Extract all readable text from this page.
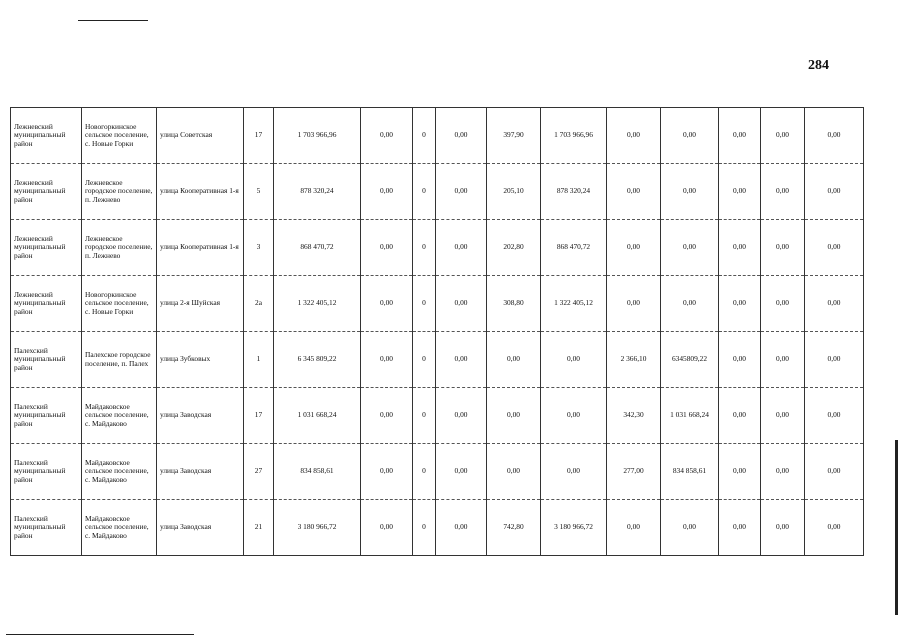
284
Лежневский муниципальный район	Новогоркинское сельское поселение, с. Новые Горки	улица Советская	17	1 703 966,96	0,00	0	0,00	397,90	1 703 966,96	0,00	0,00	0,00	0,00	0,00
Лежневский муниципальный район	Лежневское городское поселение, п. Лежнево	улица Кооперативная 1-я	5	878 320,24	0,00	0	0,00	205,10	878 320,24	0,00	0,00	0,00	0,00	0,00
Лежневский муниципальный район	Лежневское городское поселение, п. Лежнево	улица Кооперативная 1-я	3	868 470,72	0,00	0	0,00	202,80	868 470,72	0,00	0,00	0,00	0,00	0,00
Лежневский муниципальный район	Новогоркинское сельское поселение, с. Новые Горки	улица 2-я Шуйская	2а	1 322 405,12	0,00	0	0,00	308,80	1 322 405,12	0,00	0,00	0,00	0,00	0,00
Палехский муниципальный район	Палехское городское поселение, п. Палех	улица Зубковых	1	6 345 809,22	0,00	0	0,00	0,00	0,00	2 366,10	6345809,22	0,00	0,00	0,00
Палехский муниципальный район	Майдаковское сельское поселение, с. Майдаково	улица Заводская	17	1 031 668,24	0,00	0	0,00	0,00	0,00	342,30	1 031 668,24	0,00	0,00	0,00
Палехский муниципальный район	Майдаковское сельское поселение, с. Майдаково	улица Заводская	27	834 858,61	0,00	0	0,00	0,00	0,00	277,00	834 858,61	0,00	0,00	0,00
Палехский муниципальный район	Майдаковское сельское поселение, с. Майдаково	улица Заводская	21	3 180 966,72	0,00	0	0,00	742,80	3 180 966,72	0,00	0,00	0,00	0,00	0,00
